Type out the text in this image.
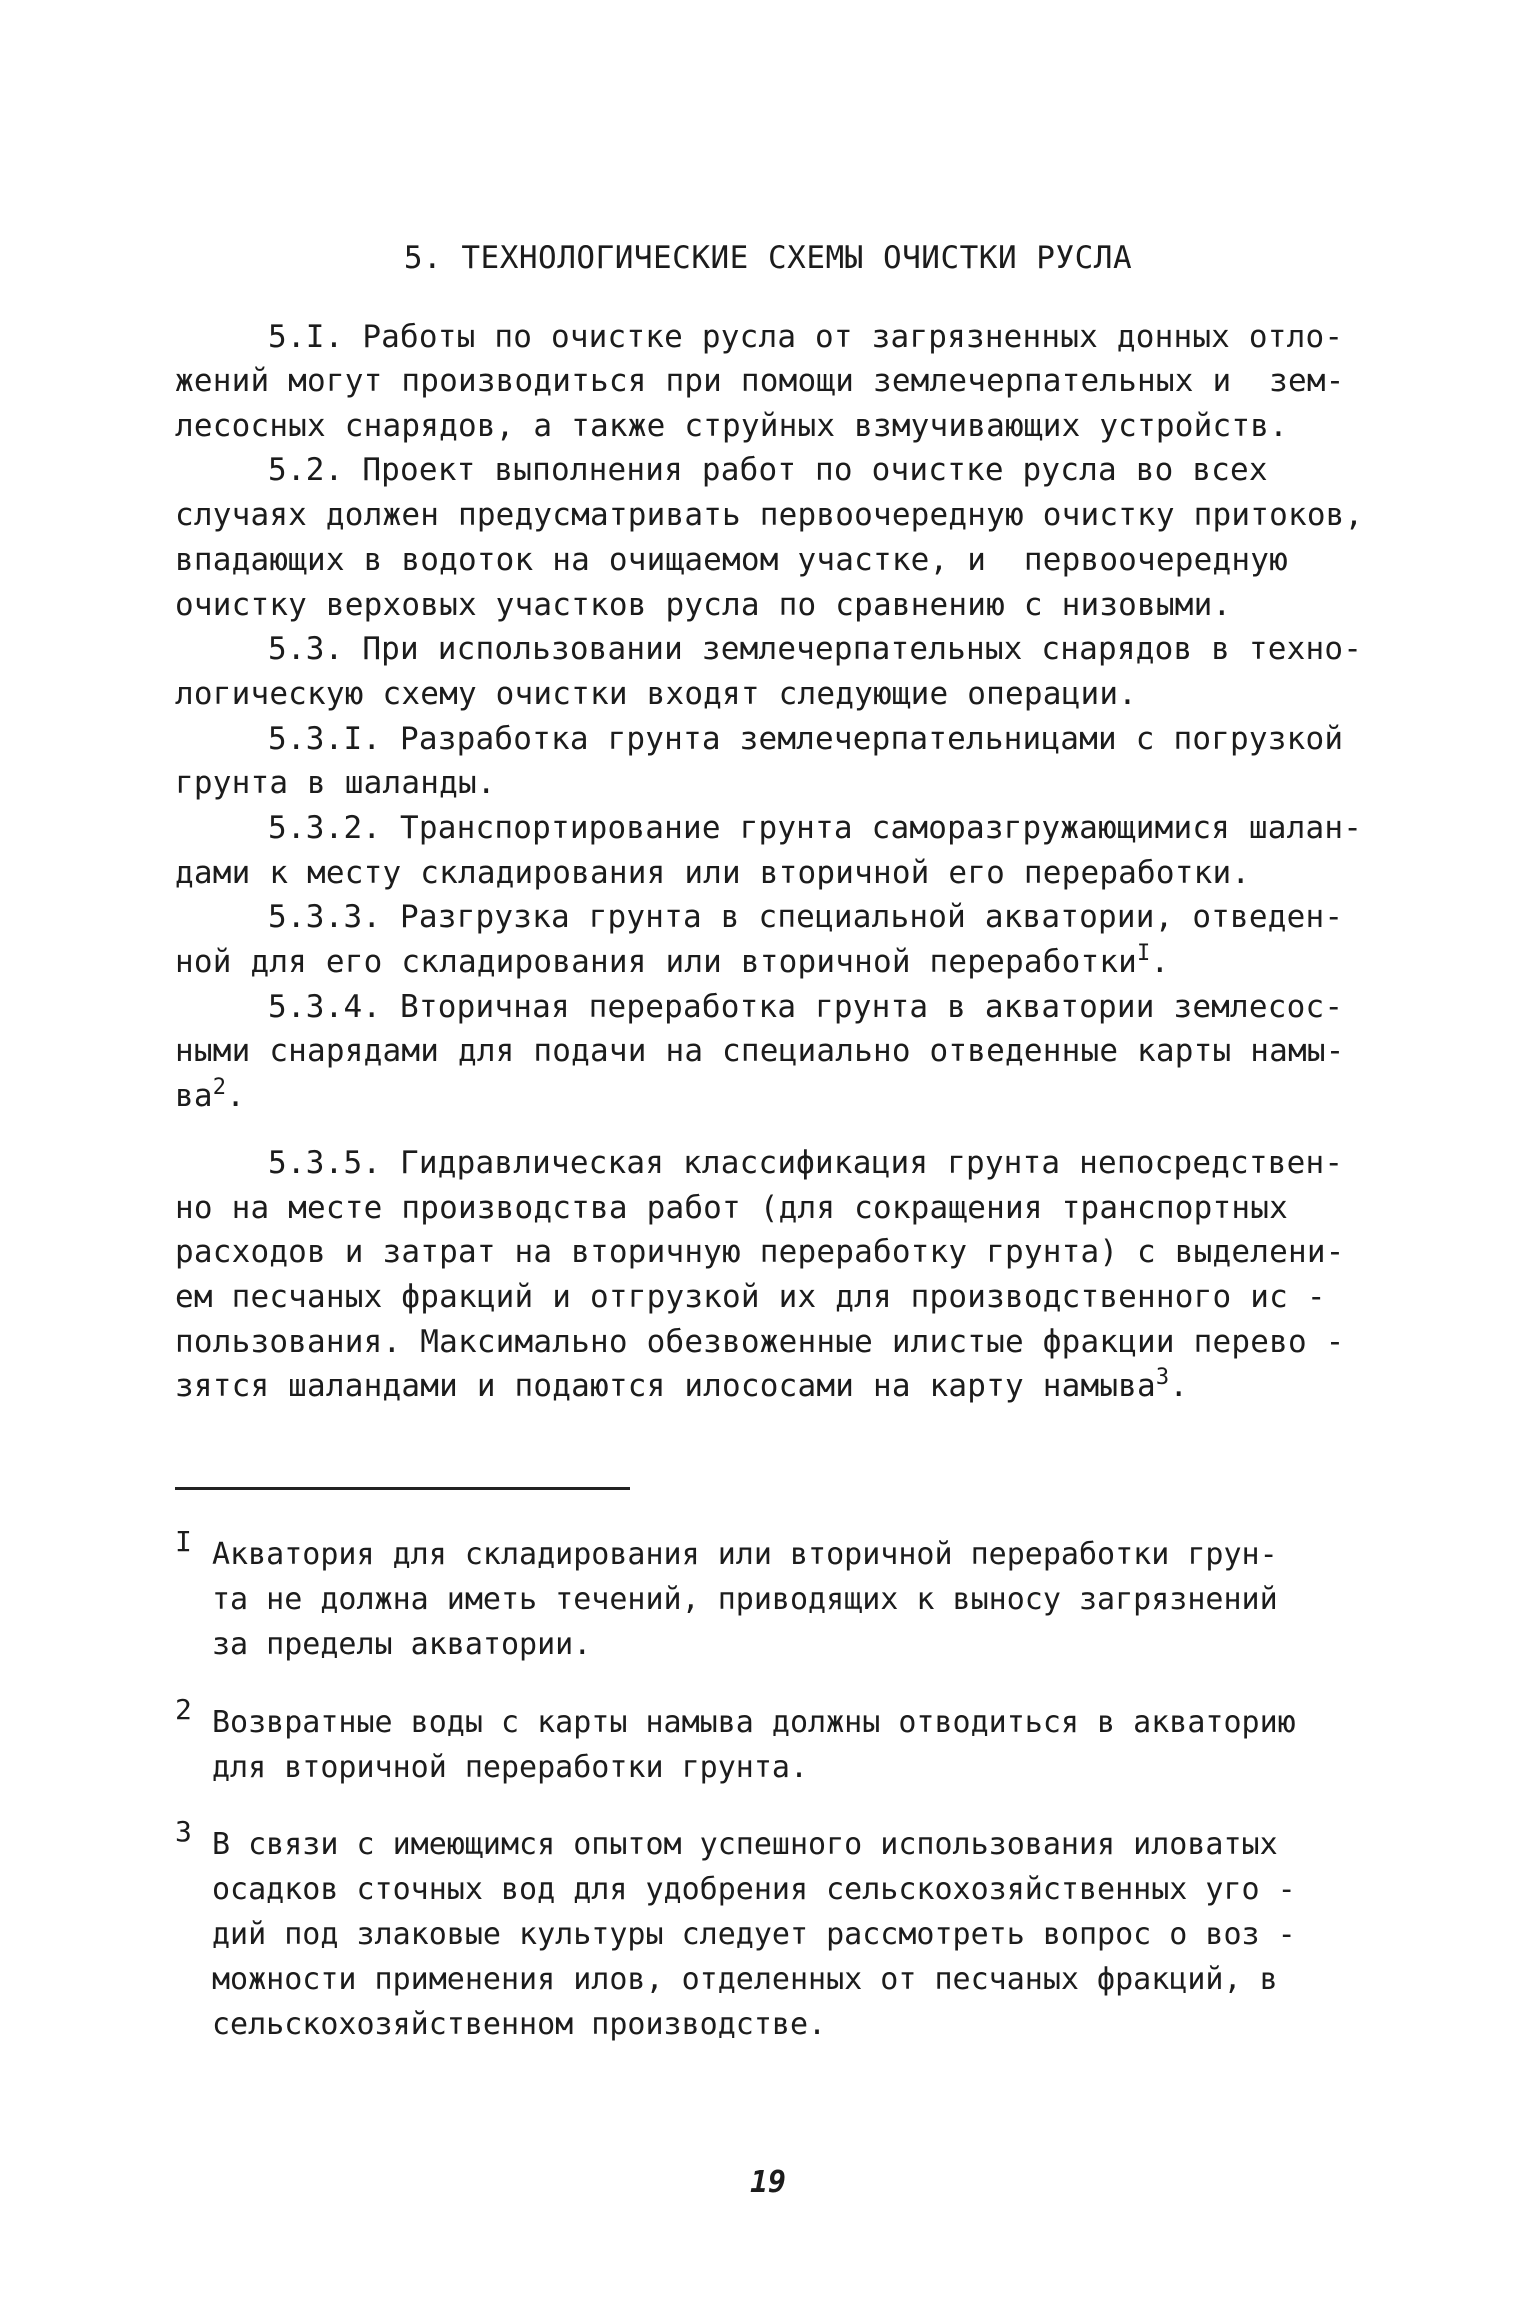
5. ТЕХНОЛОГИЧЕСКИЕ СХЕМЫ ОЧИСТКИ РУСЛА
5.I. Работы по очистке русла от загрязненных донных отло-
жений могут производиться при помощи землечерпательных и  зем-
лесосных снарядов, а также струйных взмучивающих устройств.
5.2. Проект выполнения работ по очистке русла во всех
случаях должен предусматривать первоочередную очистку притоков,
впадающих в водоток на очищаемом участке, и  первоочередную
очистку верховых участков русла по сравнению с низовыми.
5.3. При использовании землечерпательных снарядов в техно-
логическую схему очистки входят следующие операции.
5.3.I. Разработка грунта землечерпательницами с погрузкой
грунта в шаланды.
5.3.2. Транспортирование грунта саморазгружающимися шалан-
дами к месту складирования или вторичной его переработки.
5.3.3. Разгрузка грунта в специальной акватории, отведен-
ной для его складирования или вторичной переработки$^I$.
5.3.4. Вторичная переработка грунта в акватории землесос-
ными снарядами для подачи на специально отведенные карты намы-
$ва^2$.
5.3.5. Гидравлическая классификация грунта непосредствен-
но на месте производства работ (для сокращения транспортных
расходов и затрат на вторичную переработку грунта) с выделени-
ем песчаных фракций и отгрузкой их для производственного ис -
пользования. Максимально обезвоженные илистые фракции перево -
зятся шаландами и подаются илососами на карту намыва$^3$.
I Акватория для складирования или вторичной переработки грун-
та не должна иметь течений, приводящих к выносу загрязнений
за пределы акватории.
2 Возвратные воды с карты намыва должны отводиться в акваторию
для вторичной переработки грунта.
3 В связи с имеющимся опытом успешного использования иловатых
осадков сточных вод для удобрения сельскохозяйственных уго -
дий под злаковые культуры следует рассмотреть вопрос о воз -
можности применения илов, отделенных от песчаных фракций, в
сельскохозяйственном производстве.
19
